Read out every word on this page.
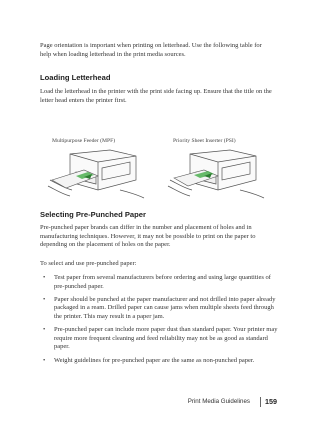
Page orientation is important when printing on letterhead. Use the following table for help when loading letterhead in the print media sources.

Loading Letterhead

Load the letterhead in the printer with the print side facing up. Ensure that the title on the letter head enters the printer first.

Multipurpose Feeder (MPF)	Priority Sheet Inserter (PSI)
Selecting Pre-Punched Paper

Pre-punched paper brands can differ in the number and placement of holes and in manufacturing techniques. However, it may not be possible to print on the paper to depending on the placement of holes on the paper.

To select and use pre-punched paper:

• Test paper from several manufacturers before ordering and using large quantities of pre-punched paper.
• Paper should be punched at the paper manufacturer and not drilled into paper already packaged in a ream. Drilled paper can cause jams when multiple sheets feed through the printer. This may result in a paper jam.
• Pre-punched paper can include more paper dust than standard paper. Your printer may require more frequent cleaning and feed reliability may not be as good as standard paper.
• Weight guidelines for pre-punched paper are the same as non-punched paper.
Print Media Guidelines 159
